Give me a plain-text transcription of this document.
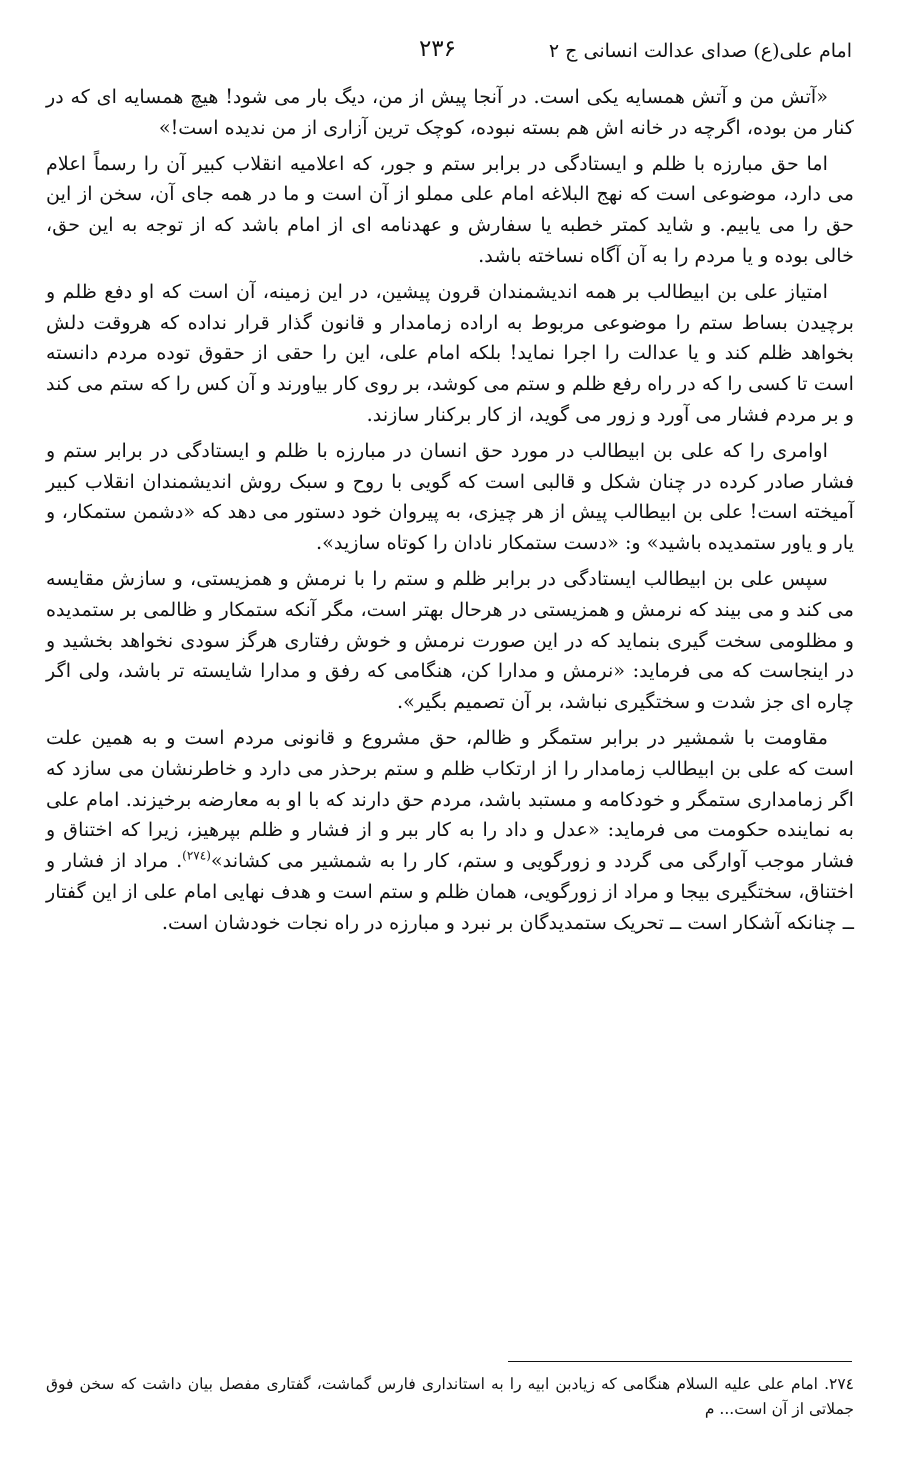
امام علی(ع) صدای عدالت انسانی ج ۲
۲۳۶

«آتش من و آتش همسایه یکی است. در آنجا پیش از من، دیگ بار می شود! هیچ همسایه ای که در کنار من بوده، اگرچه در خانه اش هم بسته نبوده، کوچک ترین آزاری از من ندیده است!»

اما حق مبارزه با ظلم و ایستادگی در برابر ستم و جور، که اعلامیه انقلاب کبیر آن را رسماً اعلام می دارد، موضوعی است که نهج البلاغه امام علی مملو از آن است و ما در همه جای آن، سخن از این حق را می یابیم. و شاید کمتر خطبه یا سفارش و عهدنامه ای از امام باشد که از توجه به این حق، خالی بوده و یا مردم را به آن آگاه نساخته باشد.

امتیاز علی بن ابیطالب بر همه اندیشمندان قرون پیشین، در این زمینه، آن است که او دفع ظلم و برچیدن بساط ستم را موضوعی مربوط به اراده زمامدار و قانون گذار قرار نداده که هروقت دلش بخواهد ظلم کند و یا عدالت را اجرا نماید! بلکه امام علی، این را حقی از حقوق توده مردم دانسته است تا کسی را که در راه رفع ظلم و ستم می کوشد، بر روی کار بیاورند و آن کس را که ستم می کند و بر مردم فشار می آورد و زور می گوید، از کار برکنار سازند.

اوامری را که علی بن ابیطالب در مورد حق انسان در مبارزه با ظلم و ایستادگی در برابر ستم و فشار صادر کرده در چنان شکل و قالبی است که گویی با روح و سبک روش اندیشمندان انقلاب کبیر آمیخته است! علی بن ابیطالب پیش از هر چیزی، به پیروان خود دستور می دهد که «دشمن ستمکار، و یار و یاور ستمدیده باشید» و: «دست ستمکار نادان را کوتاه سازید».

سپس علی بن ابیطالب ایستادگی در برابر ظلم و ستم را با نرمش و همزیستی، و سازش مقایسه می کند و می بیند که نرمش و همزیستی در هرحال بهتر است، مگر آنکه ستمکار و ظالمی بر ستمدیده و مظلومی سخت گیری بنماید که در این صورت نرمش و خوش رفتاری هرگز سودی نخواهد بخشید و در اینجاست که می فرماید: «نرمش و مدارا کن، هنگامی که رفق و مدارا شایسته تر باشد، ولی اگر چاره ای جز شدت و سختگیری نباشد، بر آن تصمیم بگیر».

مقاومت با شمشیر در برابر ستمگر و ظالم، حق مشروع و قانونی مردم است و به همین علت است که علی بن ابیطالب زمامدار را از ارتکاب ظلم و ستم برحذر می دارد و خاطرنشان می سازد که اگر زمامداری ستمگر و خودکامه و مستبد باشد، مردم حق دارند که با او به معارضه برخیزند. امام علی به نماینده حکومت می فرماید: «عدل و داد را به کار ببر و از فشار و ظلم بپرهیز، زیرا که اختناق و فشار موجب آوارگی می گردد و زورگویی و ستم، کار را به شمشیر می کشاند»$^{(۲۷٤)}$. مراد از فشار و اختناق، سختگیری بیجا و مراد از زورگویی، همان ظلم و ستم است و هدف نهایی امام علی از این گفتار ــ چنانکه آشکار است ــ تحریک ستمدیدگان بر نبرد و مبارزه در راه نجات خودشان است.

۲۷٤. امام علی علیه السلام هنگامی که زیادبن ابیه را به استانداری فارس گماشت، گفتاری مفصل بیان داشت که سخن فوق جملاتی از آن است... م
